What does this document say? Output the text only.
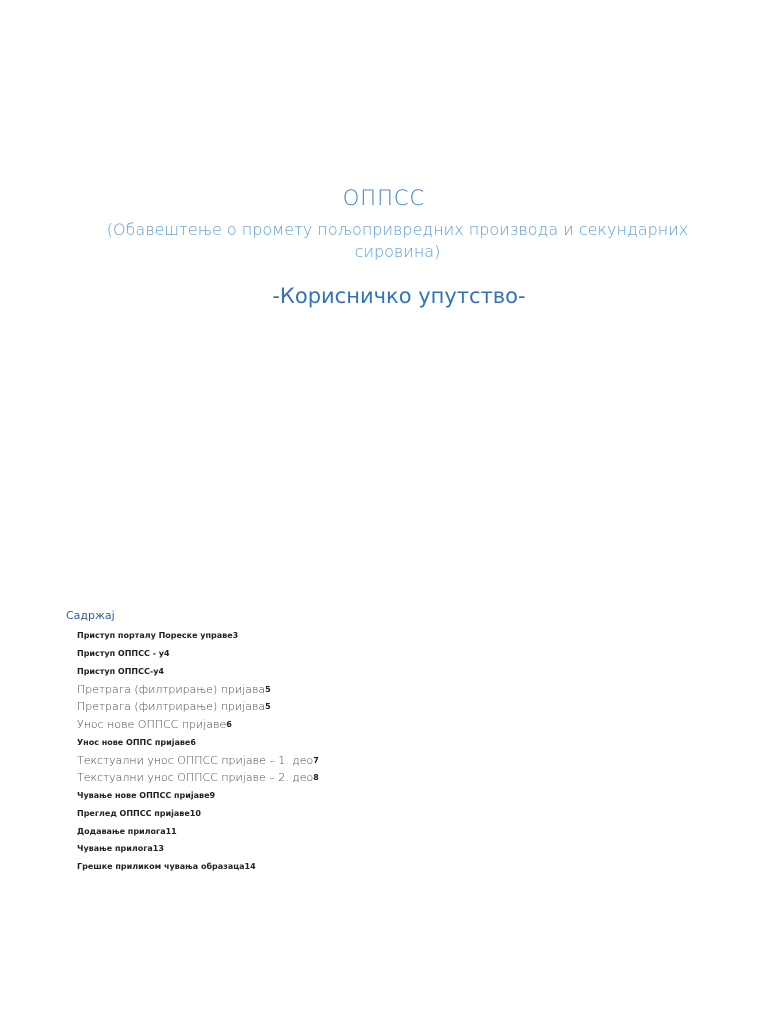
ОППСС
(Обавештење о промету пољопривредних производа и секундарних сировина)
-Корисничко упутство-
Садржај
Приступ порталу Пореске управе 3
Приступ ОППСС - у 4
Приступ ОППСС-у 4
Претрага (филтрирање) пријава 5
Претрага (филтрирање) пријава 5
Унос нове ОППСС пријаве 6
Унос нове ОППС пријаве 6
Текстуални унос ОППСС пријаве – 1. део 7
Текстуални унос ОППСС пријаве – 2. део 8
Чување нове ОППСС пријаве 9
Преглед ОППСС пријаве 10
Додавање прилога 11
Чување прилога 13
Грешке приликом чувања образаца 14
